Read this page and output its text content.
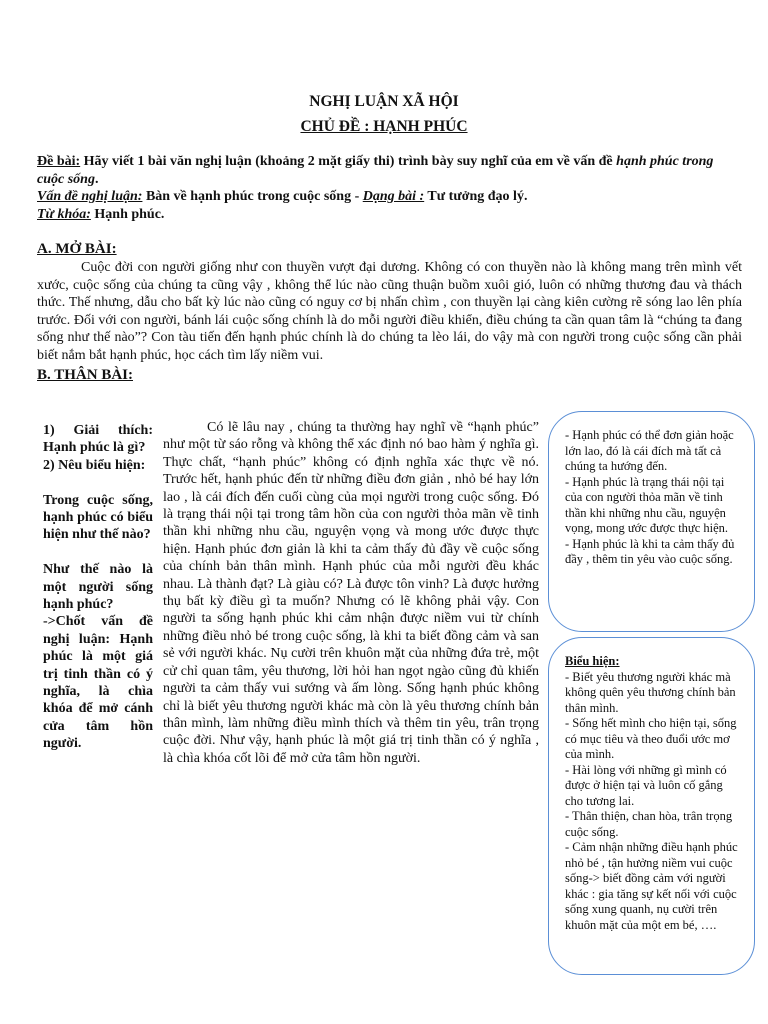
NGHỊ LUẬN XÃ HỘI
CHỦ ĐỀ : HẠNH PHÚC
Đề bài: Hãy viết 1 bài văn nghị luận (khoảng 2 mặt giấy thi) trình bày suy nghĩ của em về vấn đề hạnh phúc trong cuộc sống.
Vấn đề nghị luận: Bàn về hạnh phúc trong cuộc sống - Dạng bài : Tư tưởng đạo lý.
Từ khóa: Hạnh phúc.
A. MỞ BÀI:
Cuộc đời con người giống như con thuyền vượt đại dương. Không có con thuyền nào là không mang trên mình vết xước, cuộc sống của chúng ta cũng vậy , không thể lúc nào cũng thuận buồm xuôi gió, luôn có những thương đau và thách thức. Thế nhưng, dẫu cho bất kỳ lúc nào cũng có nguy cơ bị nhấn chìm , con thuyền lại càng kiên cường rẽ sóng lao lên phía trước. Đối với con người, bánh lái cuộc sống chính là do mỗi người điều khiển, điều chúng ta cần quan tâm là “chúng ta đang sống như thế nào”? Con tàu tiến đến hạnh phúc chính là do chúng ta lèo lái, do vậy mà con người trong cuộc sống cần phải biết nắm bắt hạnh phúc, học cách tìm lấy niềm vui.
B. THÂN BÀI:
1) Giải thích: Hạnh phúc là gì?
2) Nêu biểu hiện:
Trong cuộc sống, hạnh phúc có biểu hiện như thế nào?
Như thế nào là một người sống hạnh phúc?
->Chốt vấn đề nghị luận: Hạnh phúc là một giá trị tinh thần có ý nghĩa, là chìa khóa để mở cánh cửa tâm hồn người.
Có lẽ lâu nay , chúng ta thường hay nghĩ về “hạnh phúc” như một từ sáo rỗng và không thể xác định nó bao hàm ý nghĩa gì. Thực chất, “hạnh phúc” không có định nghĩa xác thực về nó. Trước hết, hạnh phúc đến từ những điều đơn giản , nhỏ bé hay lớn lao , là cái đích đến cuối cùng của mọi người trong cuộc sống. Đó là trạng thái nội tại trong tâm hồn của con người thỏa mãn về tinh thần khi những nhu cầu, nguyện vọng và mong ước được thực hiện. Hạnh phúc đơn giản là khi ta cảm thấy đủ đầy về cuộc sống của chính bản thân mình. Hạnh phúc của mỗi người đều khác nhau. Là thành đạt? Là giàu có? Là được tôn vinh? Là được hưởng thụ bất kỳ điều gì ta muốn? Nhưng có lẽ không phải vậy. Con người ta sống hạnh phúc khi cảm nhận được niềm vui từ chính những điều nhỏ bé trong cuộc sống, là khi ta biết đồng cảm và san sẻ với người khác. Nụ cười trên khuôn mặt của những đứa trẻ, một cử chỉ quan tâm, yêu thương, lời hỏi han ngọt ngào cũng đủ khiến người ta cảm thấy vui sướng và ấm lòng. Sống hạnh phúc không chỉ là biết yêu thương người khác mà còn là yêu thương chính bản thân mình, làm những điều mình thích và thêm tin yêu, trân trọng cuộc đời. Như vậy, hạnh phúc là một giá trị tinh thần có ý nghĩa , là chìa khóa cốt lõi để mở cửa tâm hồn người.

- Hạnh phúc có thể đơn giản hoặc lớn lao, đó là cái đích mà tất cả chúng ta hướng đến.

- Hạnh phúc là trạng thái nội tại của con người thỏa mãn về tinh thần khi những nhu cầu, nguyện vọng, mong ước được thực hiện.

- Hạnh phúc là khi ta cảm thấy đủ đầy , thêm tin yêu vào cuộc sống.

Biểu hiện:

- Biết yêu thương người khác mà không quên yêu thương chính bản thân mình.

- Sống hết mình cho hiện tại, sống có mục tiêu và theo đuổi ước mơ của mình.

- Hài lòng với những gì mình có được ở hiện tại và luôn cố gắng cho tương lai.

- Thân thiện, chan hòa, trân trọng cuộc sống.

- Cảm nhận những điều hạnh phúc nhỏ bé , tận hưởng niềm vui cuộc sống-> biết đồng cảm với người khác : gia tăng sự kết nối với cuộc sống xung quanh, nụ cười trên khuôn mặt của một em bé, ….
